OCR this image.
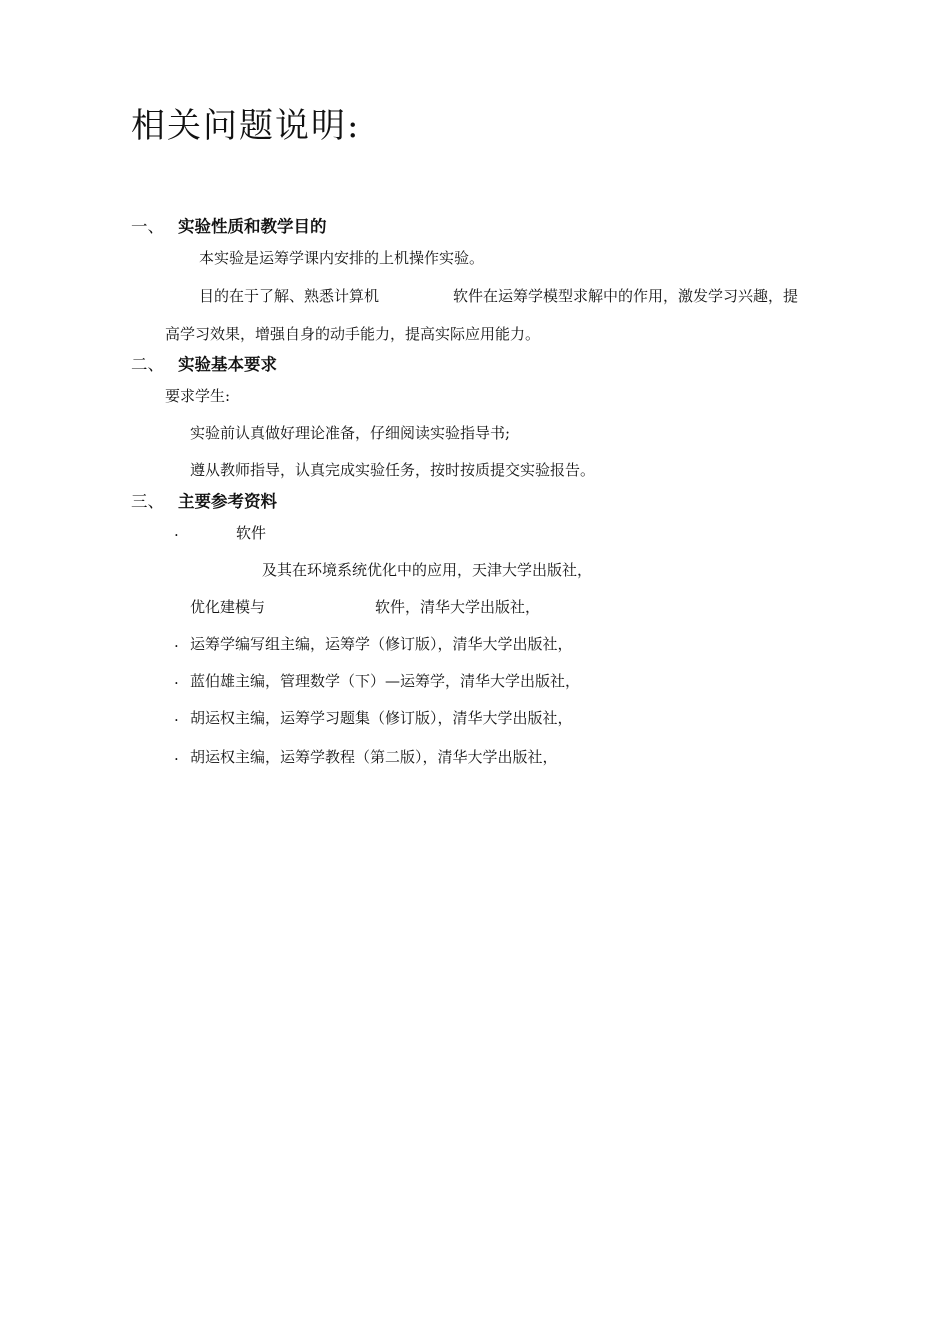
相关问题说明:
一、 实验性质和教学目的
本实验是运筹学课内安排的上机操作实验。
目的在于了解、熟悉计算机	软件在运筹学模型求解中的作用，激发学习兴趣，提
高学习效果，增强自身的动手能力，提高实际应用能力。
二、 实验基本要求
要求学生:
实验前认真做好理论准备，仔细阅读实验指导书;
遵从教师指导，认真完成实验任务，按时按质提交实验报告。
三、 主要参考资料
.	软件
及其在环境系统优化中的应用，天津大学出版社，
优化建模与	软件，清华大学出版社，
. 运筹学编写组主编，运筹学（修订版），清华大学出版社，
. 蓝伯雄主编，管理数学（下）—运筹学，清华大学出版社，
. 胡运权主编，运筹学习题集（修订版），清华大学出版社，
. 胡运权主编，运筹学教程（第二版），清华大学出版社，
